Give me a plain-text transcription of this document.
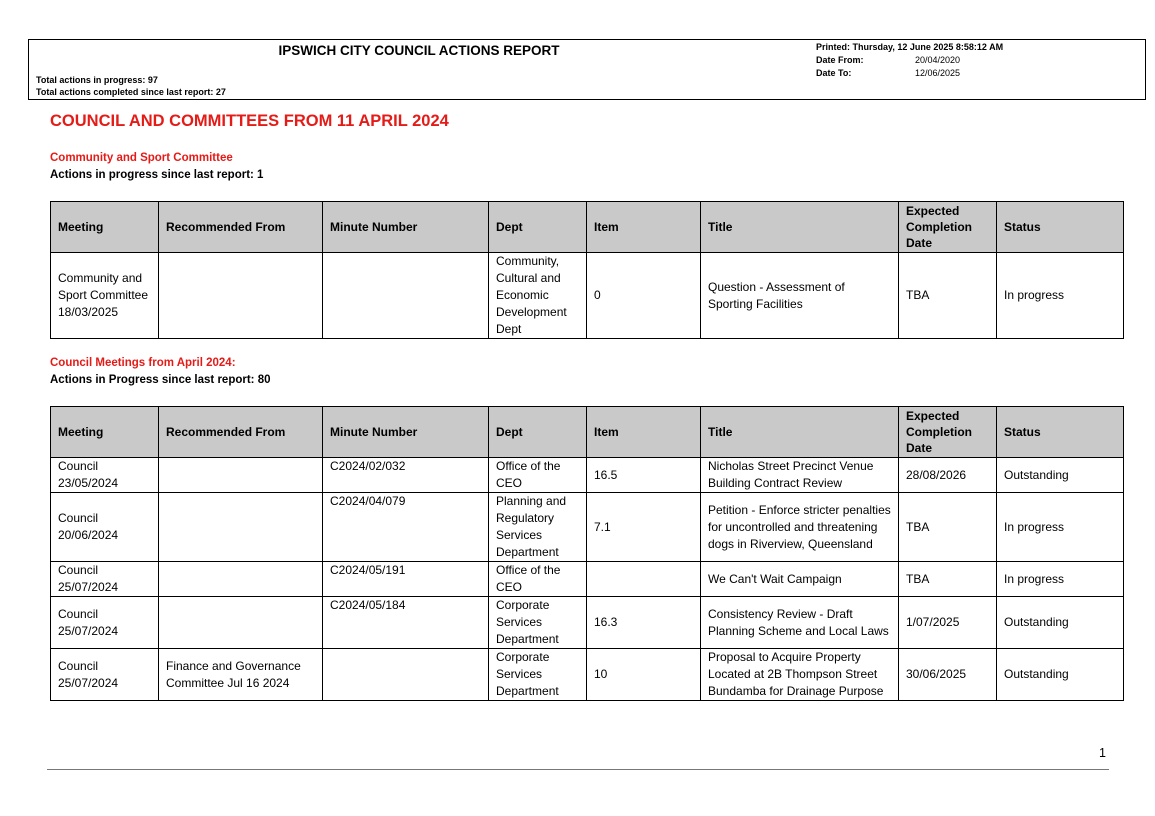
IPSWICH CITY COUNCIL ACTIONS REPORT
Total actions in progress: 97
Total actions completed since last report: 27
Printed: Thursday, 12 June 2025 8:58:12 AM
Date From:	20/04/2020
Date To:	12/06/2025
COUNCIL AND COMMITTEES FROM 11 APRIL 2024
Community and Sport Committee
Actions in progress since last report: 1
Meeting	Recommended From	Minute Number	Dept	Item	Title	Expected Completion Date	Status
Community and Sport Committee 18/03/2025			Community, Cultural and Economic Development Dept	0	Question - Assessment of Sporting Facilities	TBA	In progress
Council Meetings from April 2024:
Actions in Progress since last report: 80
Meeting	Recommended From	Minute Number	Dept	Item	Title	Expected Completion Date	Status
Council 23/05/2024		C2024/02/032	Office of the CEO	16.5	Nicholas Street Precinct Venue Building Contract Review	28/08/2026	Outstanding
Council 20/06/2024		C2024/04/079	Planning and Regulatory Services Department	7.1	Petition - Enforce stricter penalties for uncontrolled and threatening dogs in Riverview, Queensland	TBA	In progress
Council 25/07/2024		C2024/05/191	Office of the CEO		We Can't Wait Campaign	TBA	In progress
Council 25/07/2024		C2024/05/184	Corporate Services Department	16.3	Consistency Review - Draft Planning Scheme and Local Laws	1/07/2025	Outstanding
Council 25/07/2024	Finance and Governance Committee Jul 16 2024		Corporate Services Department	10	Proposal to Acquire Property Located at 2B Thompson Street Bundamba for Drainage Purpose	30/06/2025	Outstanding
1
